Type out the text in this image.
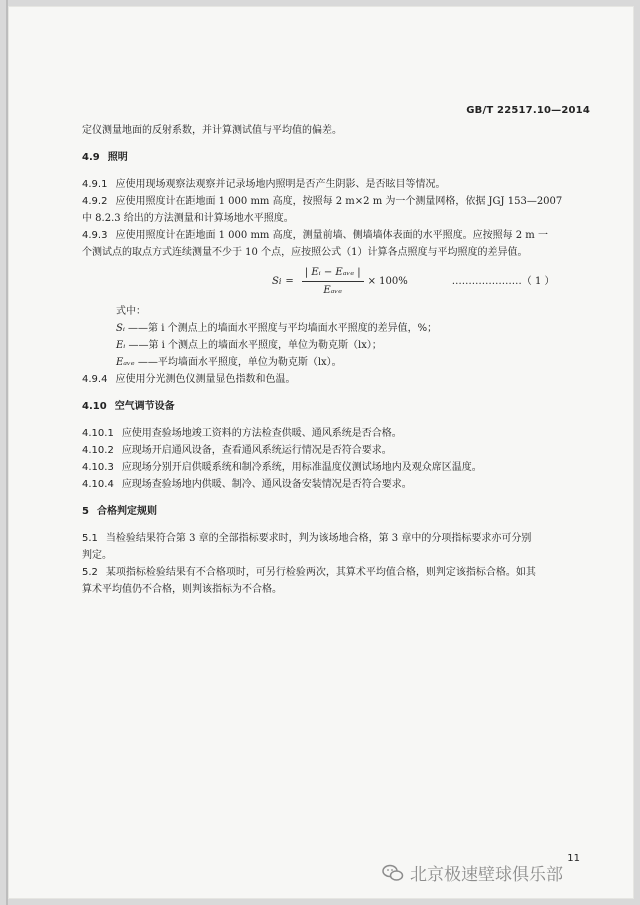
GB/T 22517.10—2014

定仪测量地面的反射系数，并计算测试值与平均值的偏差。

4.9 照明

4.9.1 应使用现场观察法观察并记录场地内照明是否产生阴影、是否眩目等情况。

4.9.2 应使用照度计在距地面 1 000 mm 高度，按照每 2 m×2 m 为一个测量网格，依据 JGJ 153—2007
中 8.2.3 给出的方法测量和计算场地水平照度。

4.9.3 应使用照度计在距地面 1 000 mm 高度，测量前墙、侧墙墙体表面的水平照度。应按照每 2 m 一
个测试点的取点方式连续测量不少于 10 个点，应按照公式（1）计算各点照度与平均照度的差异值。

S $i = \frac{\text{| Eᵢ − Eₐᵥₑ |}}{\text{Eₐᵥₑ}} \times 100\%$	…………………（ 1 ）

式中：

Sᵢ ——第 i 个测点上的墙面水平照度与平均墙面水平照度的差异值，%；

Eᵢ ——第 i 个测点上的墙面水平照度，单位为勒克斯（lx）；

Eₐᵥₑ ——平均墙面水平照度，单位为勒克斯（lx）。

4.9.4 应使用分光测色仪测量显色指数和色温。

4.10 空气调节设备

4.10.1 应使用查验场地竣工资料的方法检查供暖、通风系统是否合格。

4.10.2 应现场开启通风设备，查看通风系统运行情况是否符合要求。

4.10.3 应现场分别开启供暖系统和制冷系统，用标准温度仪测试场地内及观众席区温度。

4.10.4 应现场查验场地内供暖、制冷、通风设备安装情况是否符合要求。

5 合格判定规则

5.1 当检验结果符合第 3 章的全部指标要求时，判为该场地合格，第 3 章中的分项指标要求亦可分别
判定。

5.2 某项指标检验结果有不合格项时，可另行检验两次，其算术平均值合格，则判定该指标合格。如其
算术平均值仍不合格，则判该指标为不合格。

11
北京极速壁球俱乐部
